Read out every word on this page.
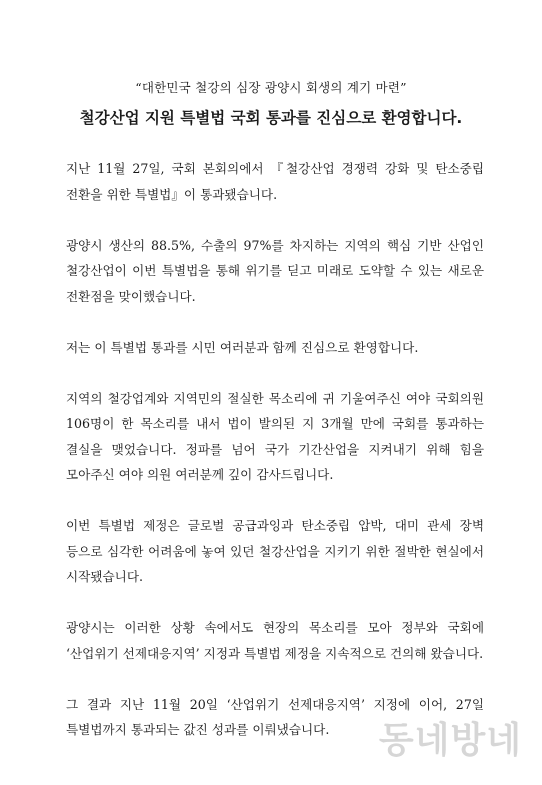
“대한민국 철강의 심장 광양시 회생의 계기 마련”
철강산업 지원 특별법 국회 통과를 진심으로 환영합니다.

지난 11월 27일, 국회 본회의에서 『철강산업 경쟁력 강화 및 탄소중립 전환을 위한 특별법』이 통과됐습니다.

광양시 생산의 88.5%, 수출의 97%를 차지하는 지역의 핵심 기반 산업인 철강산업이 이번 특별법을 통해 위기를 딛고 미래로 도약할 수 있는 새로운 전환점을 맞이했습니다.

저는 이 특별법 통과를 시민 여러분과 함께 진심으로 환영합니다.

지역의 철강업계와 지역민의 절실한 목소리에 귀 기울여주신 여야 국회의원 106명이 한 목소리를 내서 법이 발의된 지 3개월 만에 국회를 통과하는 결실을 맺었습니다. 정파를 넘어 국가 기간산업을 지켜내기 위해 힘을 모아주신 여야 의원 여러분께 깊이 감사드립니다.

이번 특별법 제정은 글로벌 공급과잉과 탄소중립 압박, 대미 관세 장벽 등으로 심각한 어려움에 놓여 있던 철강산업을 지키기 위한 절박한 현실에서 시작됐습니다.

광양시는 이러한 상황 속에서도 현장의 목소리를 모아 정부와 국회에 ‘산업위기 선제대응지역’ 지정과 특별법 제정을 지속적으로 건의해 왔습니다.

그 결과 지난 11월 20일 ‘산업위기 선제대응지역’ 지정에 이어, 27일 특별법까지 통과되는 값진 성과를 이뤄냈습니다.	동네방네
